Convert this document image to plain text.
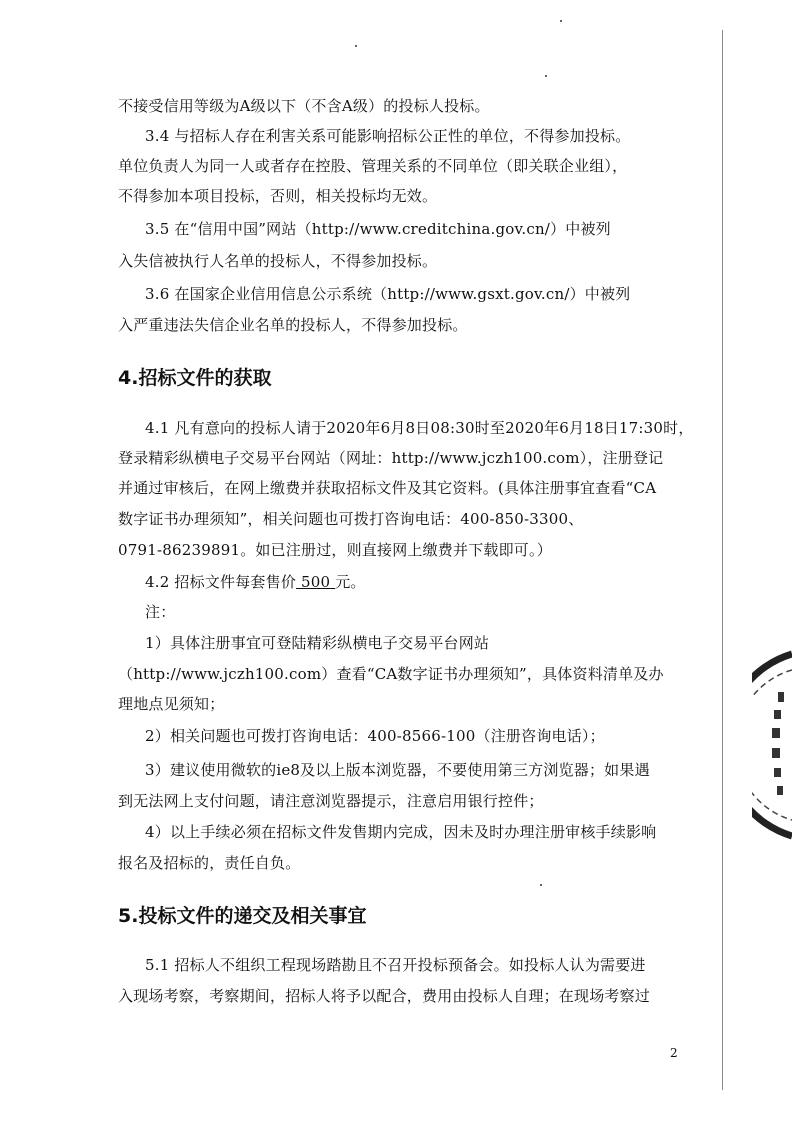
不接受信用等级为A级以下（不含A级）的投标人投标。
3.4 与招标人存在利害关系可能影响招标公正性的单位，不得参加投标。
单位负责人为同一人或者存在控股、管理关系的不同单位（即关联企业组），
不得参加本项目投标，否则，相关投标均无效。
3.5 在“信用中国”网站（http://www.creditchina.gov.cn/）中被列
入失信被执行人名单的投标人，不得参加投标。
3.6 在国家企业信用信息公示系统（http://www.gsxt.gov.cn/）中被列
入严重违法失信企业名单的投标人，不得参加投标。
4.招标文件的获取
4.1 凡有意向的投标人请于2020年6月8日08:30时至2020年6月18日17:30时，
登录精彩纵横电子交易平台网站（网址：http://www.jczh100.com），注册登记
并通过审核后，在网上缴费并获取招标文件及其它资料。(具体注册事宜查看“CA
数字证书办理须知”，相关问题也可拨打咨询电话：400-850-3300、
0791-86239891。如已注册过，则直接网上缴费并下载即可。）
4.2 招标文件每套售价 500 元。
注：
1）具体注册事宜可登陆精彩纵横电子交易平台网站
（http://www.jczh100.com）查看“CA数字证书办理须知”，具体资料清单及办
理地点见须知；
2）相关问题也可拨打咨询电话：400-8566-100（注册咨询电话）；
3）建议使用微软的ie8及以上版本浏览器，不要使用第三方浏览器；如果遇
到无法网上支付问题，请注意浏览器提示，注意启用银行控件；
4）以上手续必须在招标文件发售期内完成，因未及时办理注册审核手续影响
报名及招标的，责任自负。
5.投标文件的递交及相关事宜
5.1 招标人不组织工程现场踏勘且不召开投标预备会。如投标人认为需要进
入现场考察，考察期间，招标人将予以配合，费用由投标人自理；在现场考察过
2
